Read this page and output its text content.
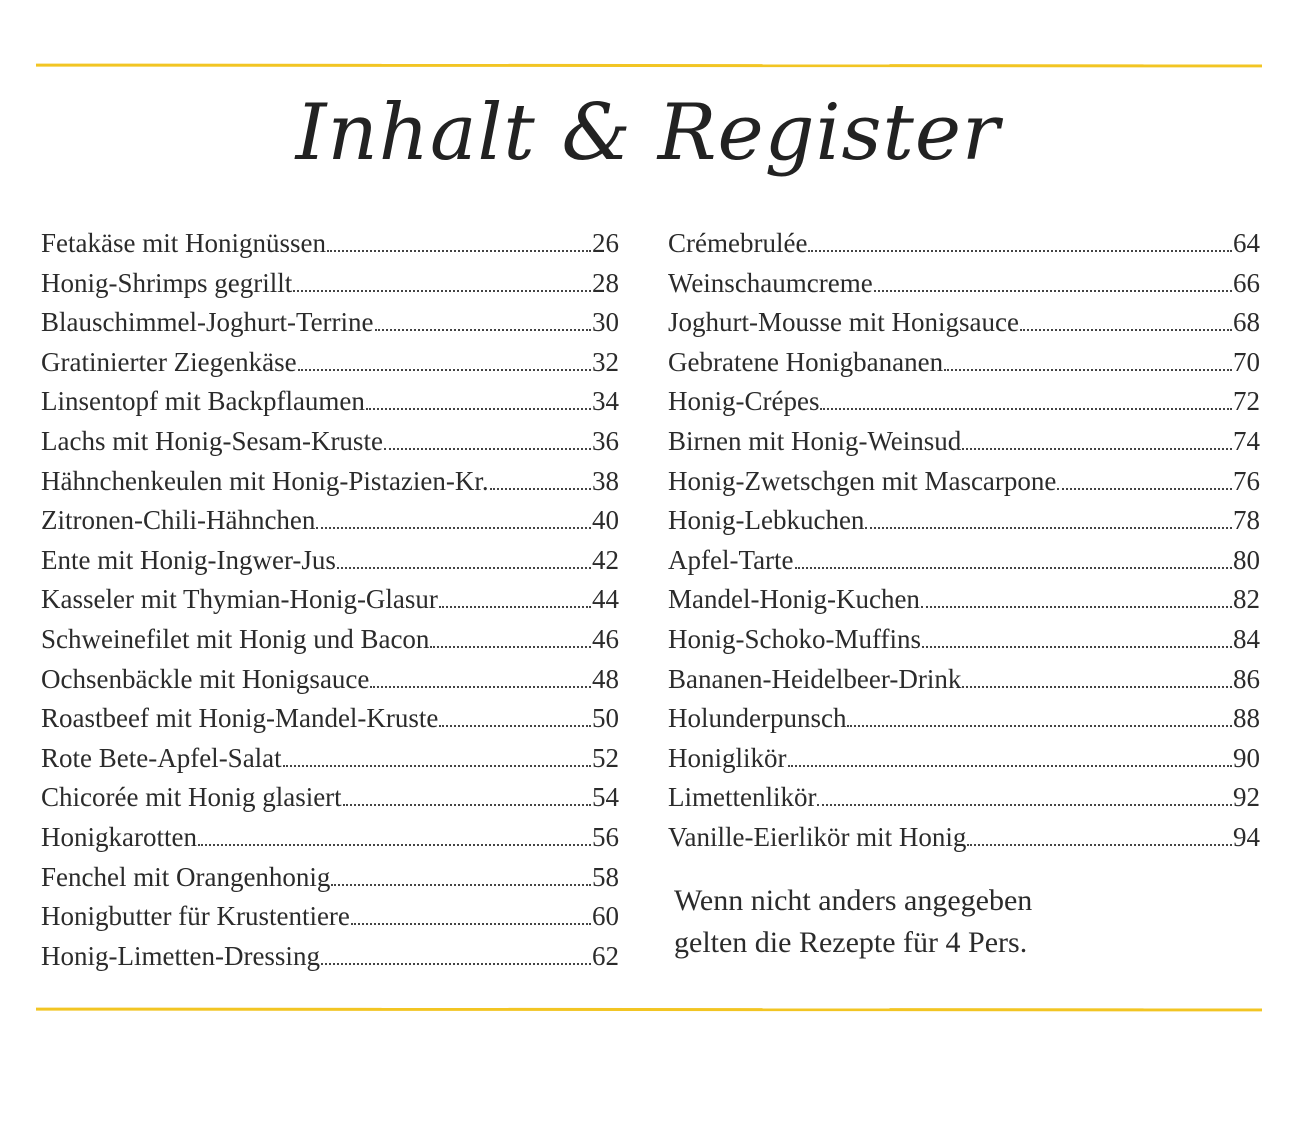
Inhalt & Register
Fetakäse mit Honignüssen	26
Honig-Shrimps gegrillt	28
Blauschimmel-Joghurt-Terrine	30
Gratinierter Ziegenkäse	32
Linsentopf mit Backpflaumen	34
Lachs mit Honig-Sesam-Kruste	36
Hähnchenkeulen mit Honig-Pistazien-Kr.	38
Zitronen-Chili-Hähnchen	40
Ente mit Honig-Ingwer-Jus	42
Kasseler mit Thymian-Honig-Glasur	44
Schweinefilet mit Honig und Bacon	46
Ochsenbäckle mit Honigsauce	48
Roastbeef mit Honig-Mandel-Kruste	50
Rote Bete-Apfel-Salat	52
Chicorée mit Honig glasiert	54
Honigkarotten	56
Fenchel mit Orangenhonig	58
Honigbutter für Krustentiere	60
Honig-Limetten-Dressing	62
Crémebrulée	64
Weinschaumcreme	66
Joghurt-Mousse mit Honigsauce	68
Gebratene Honigbananen	70
Honig-Crépes	72
Birnen mit Honig-Weinsud	74
Honig-Zwetschgen mit Mascarpone	76
Honig-Lebkuchen	78
Apfel-Tarte	80
Mandel-Honig-Kuchen	82
Honig-Schoko-Muffins	84
Bananen-Heidelbeer-Drink	86
Holunderpunsch	88
Honiglikör	90
Limettenlikör	92
Vanille-Eierlikör mit Honig	94
Wenn nicht anders angegeben
gelten die Rezepte für 4 Pers.
